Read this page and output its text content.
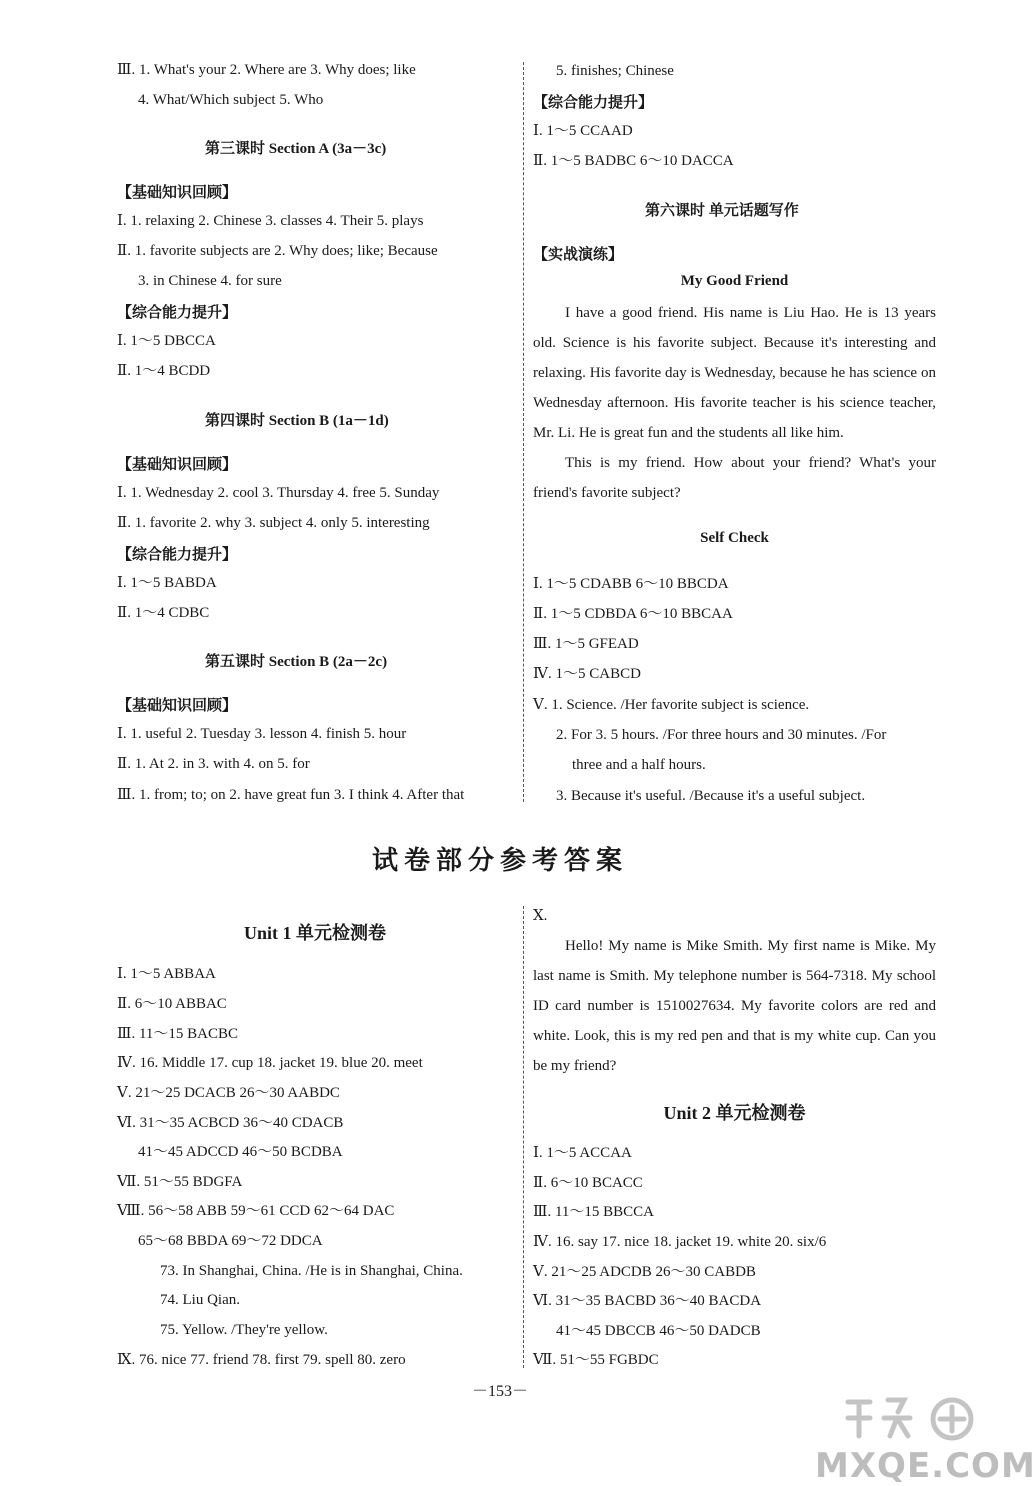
Ⅲ. 1. What's your 2. Where are 3. Why does; like
4. What/Which subject 5. Who
第三课时 Section A (3a－3c)
【基础知识回顾】
Ⅰ. 1. relaxing 2. Chinese 3. classes 4. Their 5. plays
Ⅱ. 1. favorite subjects are 2. Why does; like; Because
3. in Chinese 4. for sure
【综合能力提升】
Ⅰ. 1～5 DBCCA
Ⅱ. 1～4 BCDD
第四课时 Section B (1a－1d)
【基础知识回顾】
Ⅰ. 1. Wednesday 2. cool 3. Thursday 4. free 5. Sunday
Ⅱ. 1. favorite 2. why 3. subject 4. only 5. interesting
【综合能力提升】
Ⅰ. 1～5 BABDA
Ⅱ. 1～4 CDBC
第五课时 Section B (2a－2c)
【基础知识回顾】
Ⅰ. 1. useful 2. Tuesday 3. lesson 4. finish 5. hour
Ⅱ. 1. At 2. in 3. with 4. on 5. for
Ⅲ. 1. from; to; on 2. have great fun 3. I think 4. After that
5. finishes; Chinese
【综合能力提升】
Ⅰ. 1～5 CCAAD
Ⅱ. 1～5 BADBC 6～10 DACCA
第六课时 单元话题写作
【实战演练】
My Good Friend
I have a good friend. His name is Liu Hao. He is 13 years old. Science is his favorite subject. Because it's interesting and relaxing. His favorite day is Wednesday, because he has science on Wednesday afternoon. His favorite teacher is his science teacher, Mr. Li. He is great fun and the students all like him.
This is my friend. How about your friend? What's your friend's favorite subject?
Self Check
Ⅰ. 1～5 CDABB 6～10 BBCDA
Ⅱ. 1～5 CDBDA 6～10 BBCAA
Ⅲ. 1～5 GFEAD
Ⅳ. 1～5 CABCD
Ⅴ. 1. Science. /Her favorite subject is science.
2. For 3. 5 hours. /For three hours and 30 minutes. /For
three and a half hours.
3. Because it's useful. /Because it's a useful subject.
试卷部分参考答案
Unit 1 单元检测卷
Ⅰ. 1～5 ABBAA
Ⅱ. 6～10 ABBAC
Ⅲ. 11～15 BACBC
Ⅳ. 16. Middle 17. cup 18. jacket 19. blue 20. meet
Ⅴ. 21～25 DCACB 26～30 AABDC
Ⅵ. 31～35 ACBCD 36～40 CDACB
41～45 ADCCD 46～50 BCDBA
Ⅶ. 51～55 BDGFA
Ⅷ. 56～58 ABB 59～61 CCD 62～64 DAC
65～68 BBDA 69～72 DDCA
73. In Shanghai, China. /He is in Shanghai, China.
74. Liu Qian.
75. Yellow. /They're yellow.
Ⅸ. 76. nice 77. friend 78. first 79. spell 80. zero
Ⅹ.
Hello! My name is Mike Smith. My first name is Mike. My last name is Smith. My telephone number is 564-7318. My school ID card number is 1510027634. My favorite colors are red and white. Look, this is my red pen and that is my white cup. Can you be my friend?
Unit 2 单元检测卷
Ⅰ. 1～5 ACCAA
Ⅱ. 6～10 BCACC
Ⅲ. 11～15 BBCCA
Ⅳ. 16. say 17. nice 18. jacket 19. white 20. six/6
Ⅴ. 21～25 ADCDB 26～30 CABDB
Ⅵ. 31～35 BACBD 36～40 BACDA
41～45 DBCCB 46～50 DADCB
Ⅶ. 51～55 FGBDC
－153－
MXQE.COM
